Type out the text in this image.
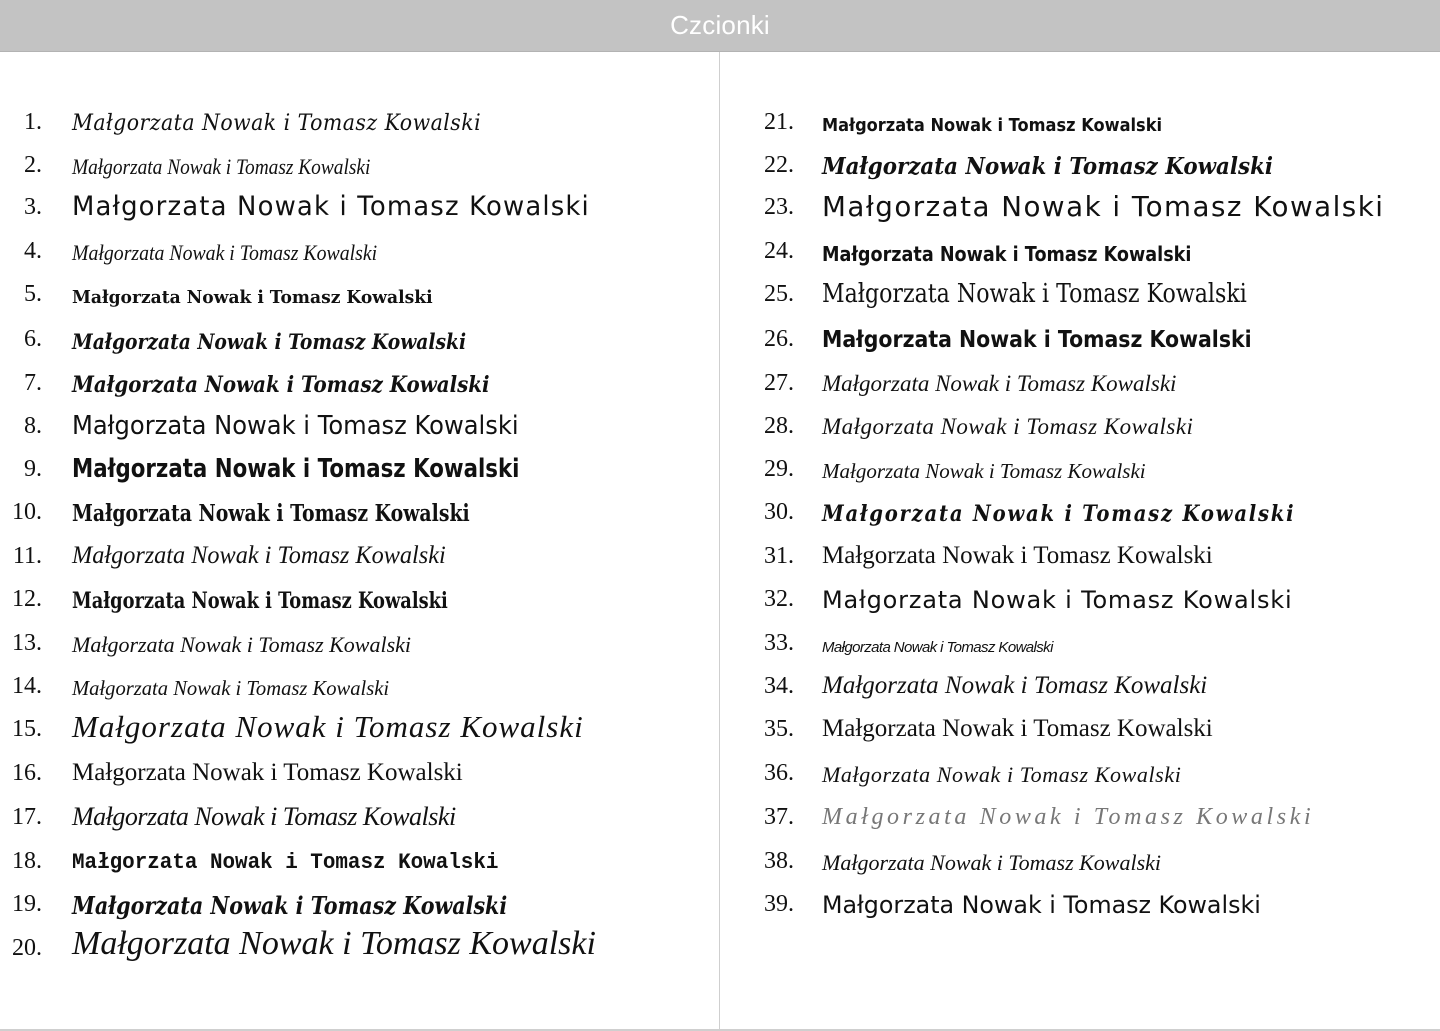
Czcionki
1. Małgorzata Nowak i Tomasz Kowalski
2. Małgorzata Nowak i Tomasz Kowalski
3. Małgorzata Nowak i Tomasz Kowalski
4. Małgorzata Nowak i Tomasz Kowalski
5. Małgorzata Nowak i Tomasz Kowalski
6. Małgorzata Nowak i Tomasz Kowalski
7. Małgorzata Nowak i Tomasz Kowalski
8. Małgorzata Nowak i Tomasz Kowalski
9. Małgorzata Nowak i Tomasz Kowalski
10. Małgorzata Nowak i Tomasz Kowalski
11. Małgorzata Nowak i Tomasz Kowalski
12. Małgorzata Nowak i Tomasz Kowalski
13. Małgorzata Nowak i Tomasz Kowalski
14. Małgorzata Nowak i Tomasz Kowalski
15. Małgorzata Nowak i Tomasz Kowalski
16. Małgorzata Nowak i Tomasz Kowalski
17. Małgorzata Nowak i Tomasz Kowalski
18. Małgorzata Nowak i Tomasz Kowalski
19. Małgorzata Nowak i Tomasz Kowalski
20. Małgorzata Nowak i Tomasz Kowalski
21. Małgorzata Nowak i Tomasz Kowalski
22. Małgorzata Nowak i Tomasz Kowalski
23. Małgorzata Nowak i Tomasz Kowalski
24. Małgorzata Nowak i Tomasz Kowalski
25. Małgorzata Nowak i Tomasz Kowalski
26. Małgorzata Nowak i Tomasz Kowalski
27. Małgorzata Nowak i Tomasz Kowalski
28. Małgorzata Nowak i Tomasz Kowalski
29. Małgorzata Nowak i Tomasz Kowalski
30. Małgorzata Nowak i Tomasz Kowalski
31. Małgorzata Nowak i Tomasz Kowalski
32. Małgorzata Nowak i Tomasz Kowalski
33. Małgorzata Nowak i Tomasz Kowalski
34. Małgorzata Nowak i Tomasz Kowalski
35. Małgorzata Nowak i Tomasz Kowalski
36. Małgorzata Nowak i Tomasz Kowalski
37. Małgorzata Nowak i Tomasz Kowalski
38. Małgorzata Nowak i Tomasz Kowalski
39. Małgorzata Nowak i Tomasz Kowalski
